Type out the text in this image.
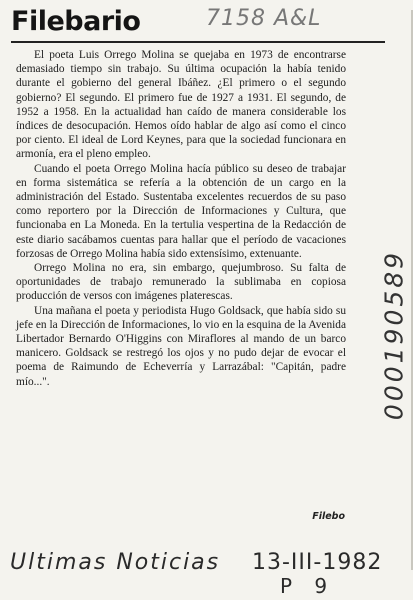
Filebario	7158 A&L

El poeta Luis Orrego Molina se quejaba en 1973 de encontrarse demasiado tiempo sin trabajo. Su última ocupación la había tenido durante el gobierno del general Ibáñez. ¿El primero o el segundo gobierno? El segundo. El primero fue de 1927 a 1931. El segundo, de 1952 a 1958. En la actualidad han caído de manera considerable los índices de desocupación. Hemos oído hablar de algo así como el cinco por ciento. El ideal de Lord Keynes, para que la sociedad funcionara en armonía, era el pleno empleo.

Cuando el poeta Orrego Molina hacía público su deseo de trabajar en forma sistemática se refería a la obtención de un cargo en la administración del Estado. Sustentaba excelentes recuerdos de su paso como reportero por la Dirección de Informaciones y Cultura, que funcionaba en La Moneda. En la tertulia vespertina de la Redacción de este diario sacábamos cuentas para hallar que el período de vacaciones forzosas de Orrego Molina había sido extensísimo, extenuante.

Orrego Molina no era, sin embargo, quejumbroso. Su falta de oportunidades de trabajo remunerado la sublimaba en copiosa producción de versos con imágenes platerescas.

Una mañana el poeta y periodista Hugo Goldsack, que había sido su jefe en la Dirección de Informaciones, lo vio en la esquina de la Avenida Libertador Bernardo O'Higgins con Miraflores al mando de un barco manicero. Goldsack se restregó los ojos y no pudo dejar de evocar el poema de Raimundo de Echeverría y Larrazábal: "Capitán, padre mío...".

Filebo
000190589
Ultimas Noticias 13-III-1982
P 9
